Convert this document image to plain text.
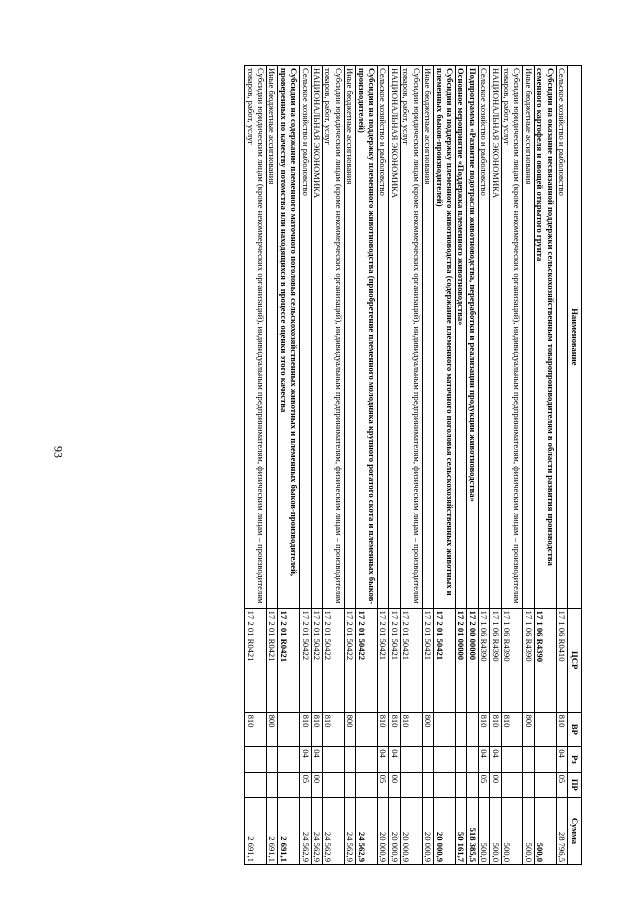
93
Наименование	ЦСР	ВР	Рз	ПР	Сумма
Сельское хозяйство и рыболовство	17 1 06 R0410	810	04	05	28 796,5
Субсидии на оказание несвязанной поддержки сельскохозяйственным товаропроизводителям в области развития производства семенного картофеля и овощей открытого грунта	17 1 06 R4390				500,0
Иные бюджетные ассигнования	17 1 06 R4390	800			500,0
Субсидии юридическим лицам (кроме некоммерческих организаций), индивидуальным предпринимателям, физическим лицам – производителям товаров, работ, услуг	17 1 06 R4390	810			500,0
НАЦИОНАЛЬНАЯ ЭКОНОМИКА	17 1 06 R4390	810	04	00	500,0
Сельское хозяйство и рыболовство	17 1 06 R4390	810	04	05	500,0
Подпрограмма «Развитие подотрасли животноводства, переработки и реализации продукции животноводства»	17 2 00 00000				518 385,5
Основное мероприятие «Поддержка племенного животноводства»	17 2 01 00000				50 161,7
Субсидии на поддержку племенного животноводства (содержание племенного маточного поголовья сельскохозяйственных животных и племенных быков-производителей)	17 2 01 50421				20 000,9
Иные бюджетные ассигнования	17 2 01 50421	800			20 000,9
Субсидии юридическим лицам (кроме некоммерческих организаций), индивидуальным предпринимателям, физическим лицам – производителям товаров, работ, услуг	17 2 01 50421	810			20 000,9
НАЦИОНАЛЬНАЯ ЭКОНОМИКА	17 2 01 50421	810	04	00	20 000,9
Сельское хозяйство и рыболовство	17 2 01 50421	810	04	05	20 000,9
Субсидии на поддержку племенного животноводства (приобретение племенного молодняка крупного рогатого скота и племенных быков-производителей)	17 2 01 50422				24 562,9
Иные бюджетные ассигнования	17 2 01 50422	800			24 562,9
Субсидии юридическим лицам (кроме некоммерческих организаций), индивидуальным предпринимателям, физическим лицам – производителям товаров, работ, услуг	17 2 01 50422	810			24 562,9
НАЦИОНАЛЬНАЯ ЭКОНОМИКА	17 2 01 50422	810	04	00	24 562,9
Сельское хозяйство и рыболовство	17 2 01 50422	810	04	05	24 562,9
Субсидии на содержание племенного маточного поголовья сельскохозяйственных животных и племенных быков-производителей, проверенных по качеству потомства или находящихся в процессе оценки этого качества	17 2 01 R0421				2 691,1
Иные бюджетные ассигнования	17 2 01 R0421	800			2 691,1
Субсидии юридическим лицам (кроме некоммерческих организаций), индивидуальным предпринимателям, физическим лицам – производителям товаров, работ, услуг	17 2 01 R0421	810			2 691,1
